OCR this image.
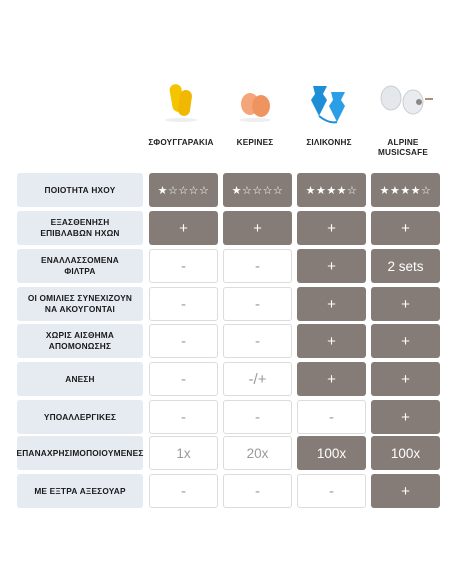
ΣΦΟΥΓΓΑΡΑΚΙΑ	ΚΕΡΙΝΕΣ	ΣΙΛΙΚΟΝΗΣ	ALPINE
MUSICSAFE
ΠΟΙΟΤΗΤΑ ΗΧΟΥ	★☆☆☆☆	★☆☆☆☆	★★★★☆	★★★★☆
ΕΞΑΣΘΕΝΗΣΗ
ΕΠΙΒΛΑΒΩΝ ΗΧΩΝ	+	+	+	+
ΕΝΑΛΛΑΣΣΟΜΕΝΑ
ΦΙΛΤΡΑ	-	-	+	2 sets
ΟΙ ΟΜΙΛΙΕΣ ΣΥΝΕΧΙΖΟΥΝ
ΝΑ ΑΚΟΥΓΟΝΤΑΙ	-	-	+	+
ΧΩΡΙΣ ΑΙΣΘΗΜΑ
ΑΠΟΜΟΝΩΣΗΣ	-	-	+	+
ΑΝΕΣΗ	-	-/+	+	+
ΥΠΟΑΛΛΕΡΓΙΚΕΣ	-	-	-	+
ΕΠΑΝΑΧΡΗΣΙΜΟΠΟΙΟΥΜΕΝΕΣ	1x	20x	100x	100x
ΜΕ ΕΞΤΡΑ ΑΞΕΣΟΥΑΡ	-	-	-	+
